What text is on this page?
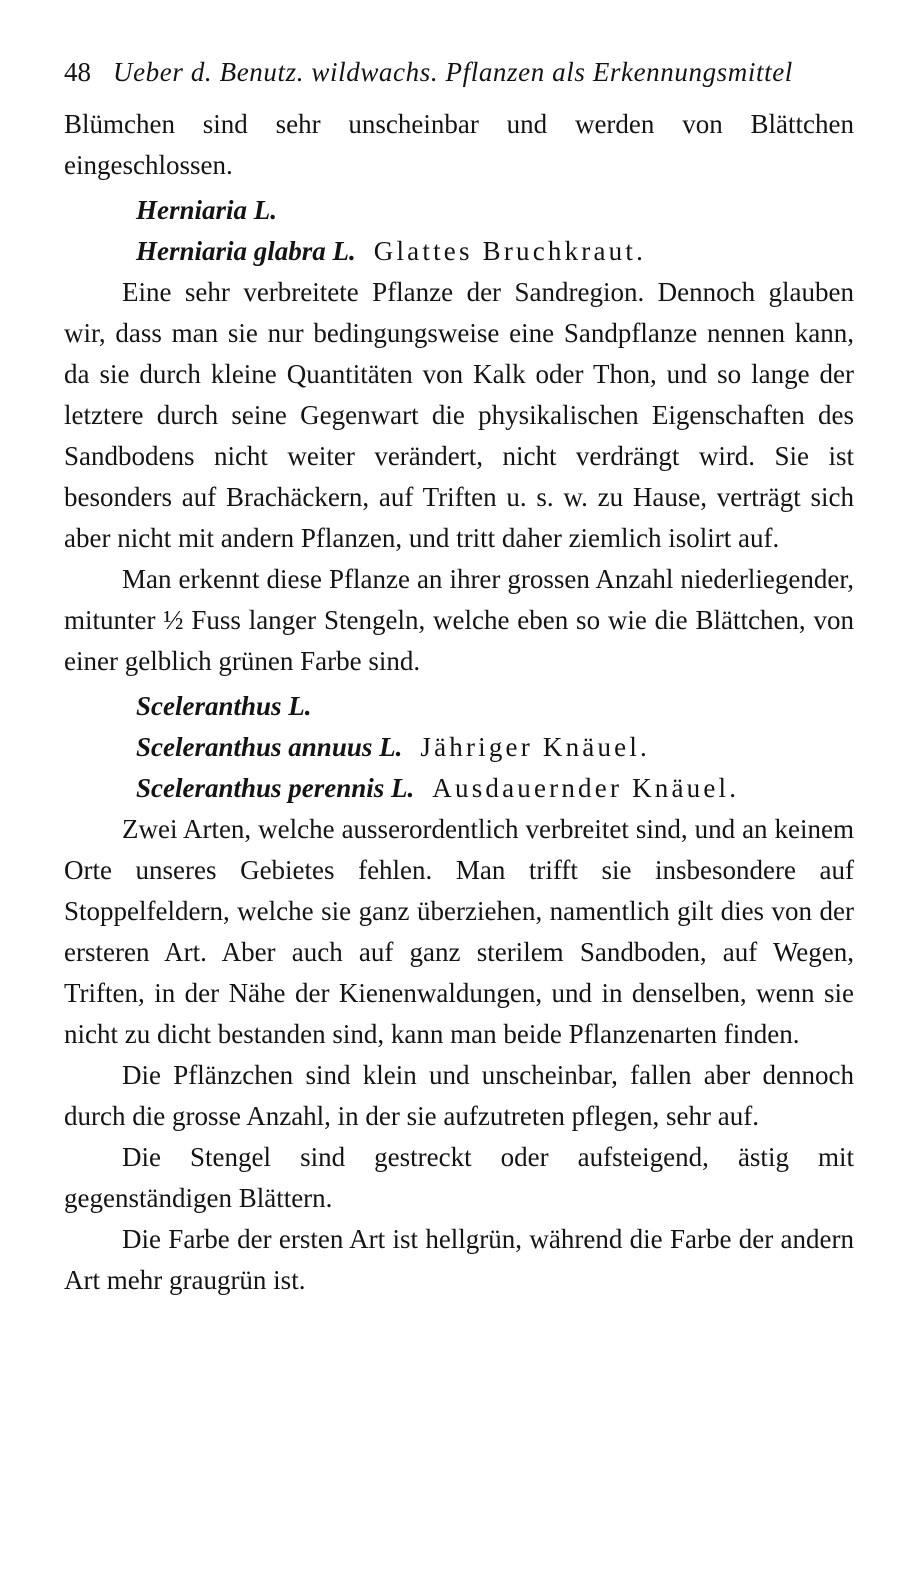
48 Ueber d. Benutz. wildwachs. Pflanzen als Erkennungsmittel

Blümchen sind sehr unscheinbar und werden von Blättchen eingeschlossen.

Herniaria L.

Herniaria glabra L. Glattes Bruchkraut.

Eine sehr verbreitete Pflanze der Sandregion. Dennoch glauben wir, dass man sie nur bedingungsweise eine Sandpflanze nennen kann, da sie durch kleine Quantitäten von Kalk oder Thon, und so lange der letztere durch seine Gegenwart die physikalischen Eigenschaften des Sandbodens nicht weiter verändert, nicht verdrängt wird. Sie ist besonders auf Brachäckern, auf Triften u. s. w. zu Hause, verträgt sich aber nicht mit andern Pflanzen, und tritt daher ziemlich isolirt auf.

Man erkennt diese Pflanze an ihrer grossen Anzahl niederliegender, mitunter ½ Fuss langer Stengeln, welche eben so wie die Blättchen, von einer gelblich grünen Farbe sind.

Sceleranthus L.

Sceleranthus annuus L. Jähriger Knäuel.

Sceleranthus perennis L. Ausdauernder Knäuel.

Zwei Arten, welche ausserordentlich verbreitet sind, und an keinem Orte unseres Gebietes fehlen. Man trifft sie insbesondere auf Stoppelfeldern, welche sie ganz überziehen, namentlich gilt dies von der ersteren Art. Aber auch auf ganz sterilem Sandboden, auf Wegen, Triften, in der Nähe der Kienenwaldungen, und in denselben, wenn sie nicht zu dicht bestanden sind, kann man beide Pflanzenarten finden.

Die Pflänzchen sind klein und unscheinbar, fallen aber dennoch durch die grosse Anzahl, in der sie aufzutreten pflegen, sehr auf.

Die Stengel sind gestreckt oder aufsteigend, ästig mit gegenständigen Blättern.

Die Farbe der ersten Art ist hellgrün, während die Farbe der andern Art mehr graugrün ist.
